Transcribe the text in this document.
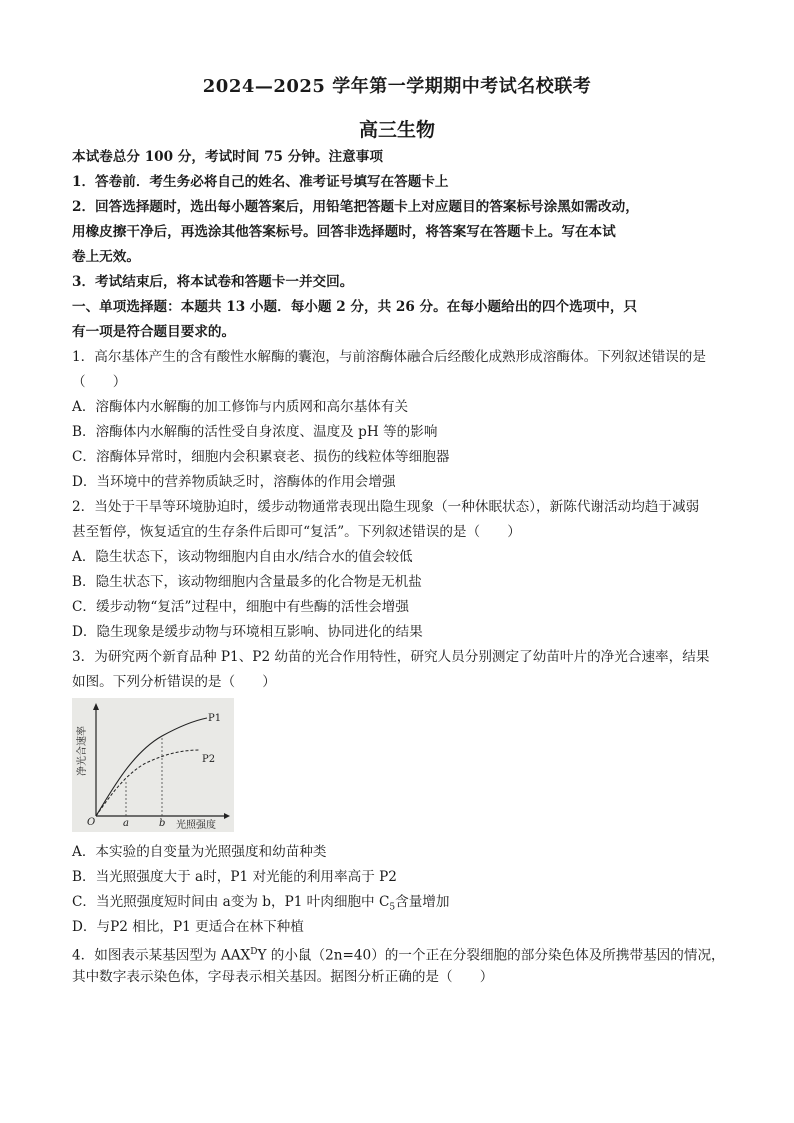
2024—2025 学年第一学期期中考试名校联考
高三生物
本试卷总分 100 分，考试时间 75 分钟。注意事项
1．答卷前．考生务必将自己的姓名、准考证号填写在答题卡上
2．回答选择题时，选出每小题答案后，用铅笔把答题卡上对应题目的答案标号涂黑如需改动，
用橡皮擦干净后，再选涂其他答案标号。回答非选择题时，将答案写在答题卡上。写在本试
卷上无效。
3．考试结束后，将本试卷和答题卡一并交回。
一、单项选择题：本题共 13 小题．每小题 2 分，共 26 分。在每小题给出的四个选项中，只
有一项是符合题目要求的。
1．高尔基体产生的含有酸性水解酶的囊泡，与前溶酶体融合后经酸化成熟形成溶酶体。下列叙述错误的是
（　　）
A．溶酶体内水解酶的加工修饰与内质网和高尔基体有关
B．溶酶体内水解酶的活性受自身浓度、温度及 pH 等的影响
C．溶酶体异常时，细胞内会积累衰老、损伤的线粒体等细胞器
D．当环境中的营养物质缺乏时，溶酶体的作用会增强
2．当处于干旱等环境胁迫时，缓步动物通常表现出隐生现象（一种休眠状态），新陈代谢活动均趋于减弱
甚至暂停，恢复适宜的生存条件后即可“复活”。下列叙述错误的是（　　）
A．隐生状态下，该动物细胞内自由水/结合水的值会较低
B．隐生状态下，该动物细胞内含量最多的化合物是无机盐
C．缓步动物“复活”过程中，细胞中有些酶的活性会增强
D．隐生现象是缓步动物与环境相互影响、协同进化的结果
3．为研究两个新育品种 P1、P2 幼苗的光合作用特性，研究人员分别测定了幼苗叶片的净光合速率，结果
如图。下列分析错误的是（　　）
P1
P2
O	a	b 光照强度
净光合速率
A．本实验的自变量为光照强度和幼苗种类
B．当光照强度大于 a时，P1 对光能的利用率高于 P2
C．当光照强度短时间由 a变为 b，P1 叶肉细胞中 $C_5$含量增加
D．与P2 相比，P1 更适合在林下种植
4．如图表示某基因型为 $AAX^DY$ 的小鼠（2n=40）的一个正在分裂细胞的部分染色体及所携带基因的情况，
其中数字表示染色体，字母表示相关基因。据图分析正确的是（　　）
